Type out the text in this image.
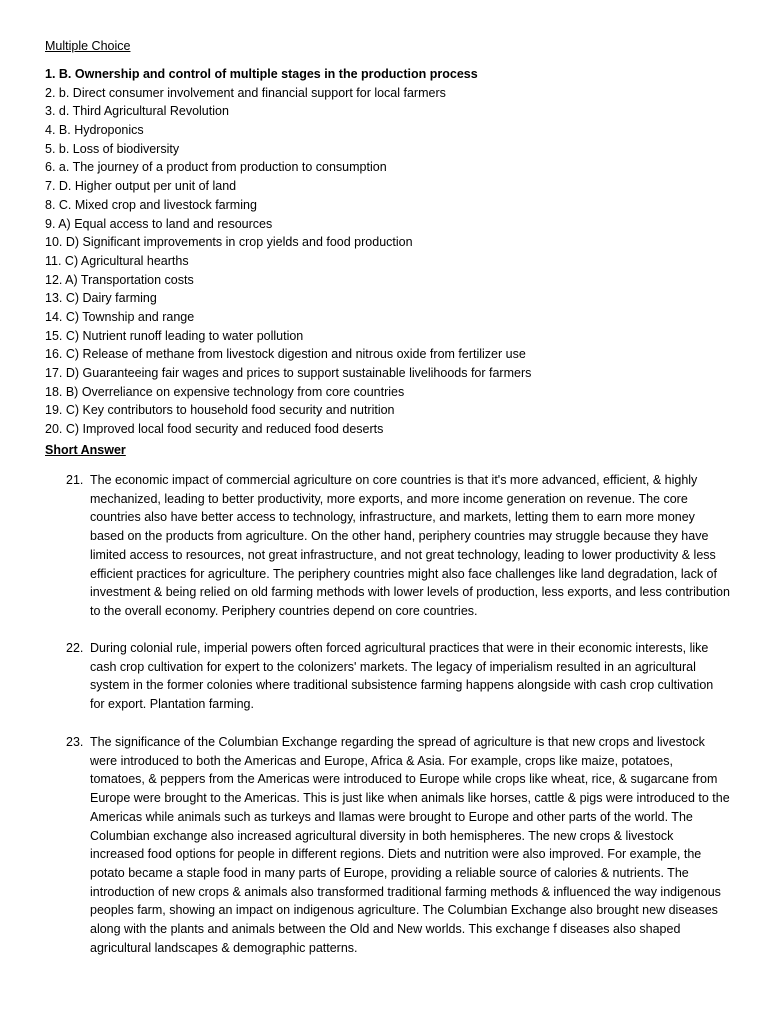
Multiple Choice
1. B. Ownership and control of multiple stages in the production process
2. b. Direct consumer involvement and financial support for local farmers
3. d. Third Agricultural Revolution
4. B. Hydroponics
5. b. Loss of biodiversity
6. a. The journey of a product from production to consumption
7. D. Higher output per unit of land
8. C. Mixed crop and livestock farming
9. A) Equal access to land and resources
10. D) Significant improvements in crop yields and food production
11. C) Agricultural hearths
12. A) Transportation costs
13. C) Dairy farming
14. C) Township and range
15. C) Nutrient runoff leading to water pollution
16. C) Release of methane from livestock digestion and nitrous oxide from fertilizer use
17. D) Guaranteeing fair wages and prices to support sustainable livelihoods for farmers
18. B) Overreliance on expensive technology from core countries
19. C) Key contributors to household food security and nutrition
20. C) Improved local food security and reduced food deserts
Short Answer
21. The economic impact of commercial agriculture on core countries is that it's more advanced, efficient, & highly mechanized, leading to better productivity, more exports, and more income generation on revenue. The core countries also have better access to technology, infrastructure, and markets, letting them to earn more money based on the products from agriculture. On the other hand, periphery countries may struggle because they have limited access to resources, not great infrastructure, and not great technology, leading to lower productivity & less efficient practices for agriculture. The periphery countries might also face challenges like land degradation, lack of investment & being relied on old farming methods with lower levels of production, less exports, and less contribution to the overall economy. Periphery countries depend on core countries.
22. During colonial rule, imperial powers often forced agricultural practices that were in their economic interests, like cash crop cultivation for expert to the colonizers' markets. The legacy of imperialism resulted in an agricultural system in the former colonies where traditional subsistence farming happens alongside with cash crop cultivation for export. Plantation farming.
23. The significance of the Columbian Exchange regarding the spread of agriculture is that new crops and livestock were introduced to both the Americas and Europe, Africa & Asia. For example, crops like maize, potatoes, tomatoes, & peppers from the Americas were introduced to Europe while crops like wheat, rice, & sugarcane from Europe were brought to the Americas. This is just like when animals like horses, cattle & pigs were introduced to the Americas while animals such as turkeys and llamas were brought to Europe and other parts of the world. The Columbian exchange also increased agricultural diversity in both hemispheres. The new crops & livestock increased food options for people in different regions. Diets and nutrition were also improved. For example, the potato became a staple food in many parts of Europe, providing a reliable source of calories & nutrients. The introduction of new crops & animals also transformed traditional farming methods & influenced the way indigenous peoples farm, showing an impact on indigenous agriculture. The Columbian Exchange also brought new diseases along with the plants and animals between the Old and New worlds. This exchange f diseases also shaped agricultural landscapes & demographic patterns.
